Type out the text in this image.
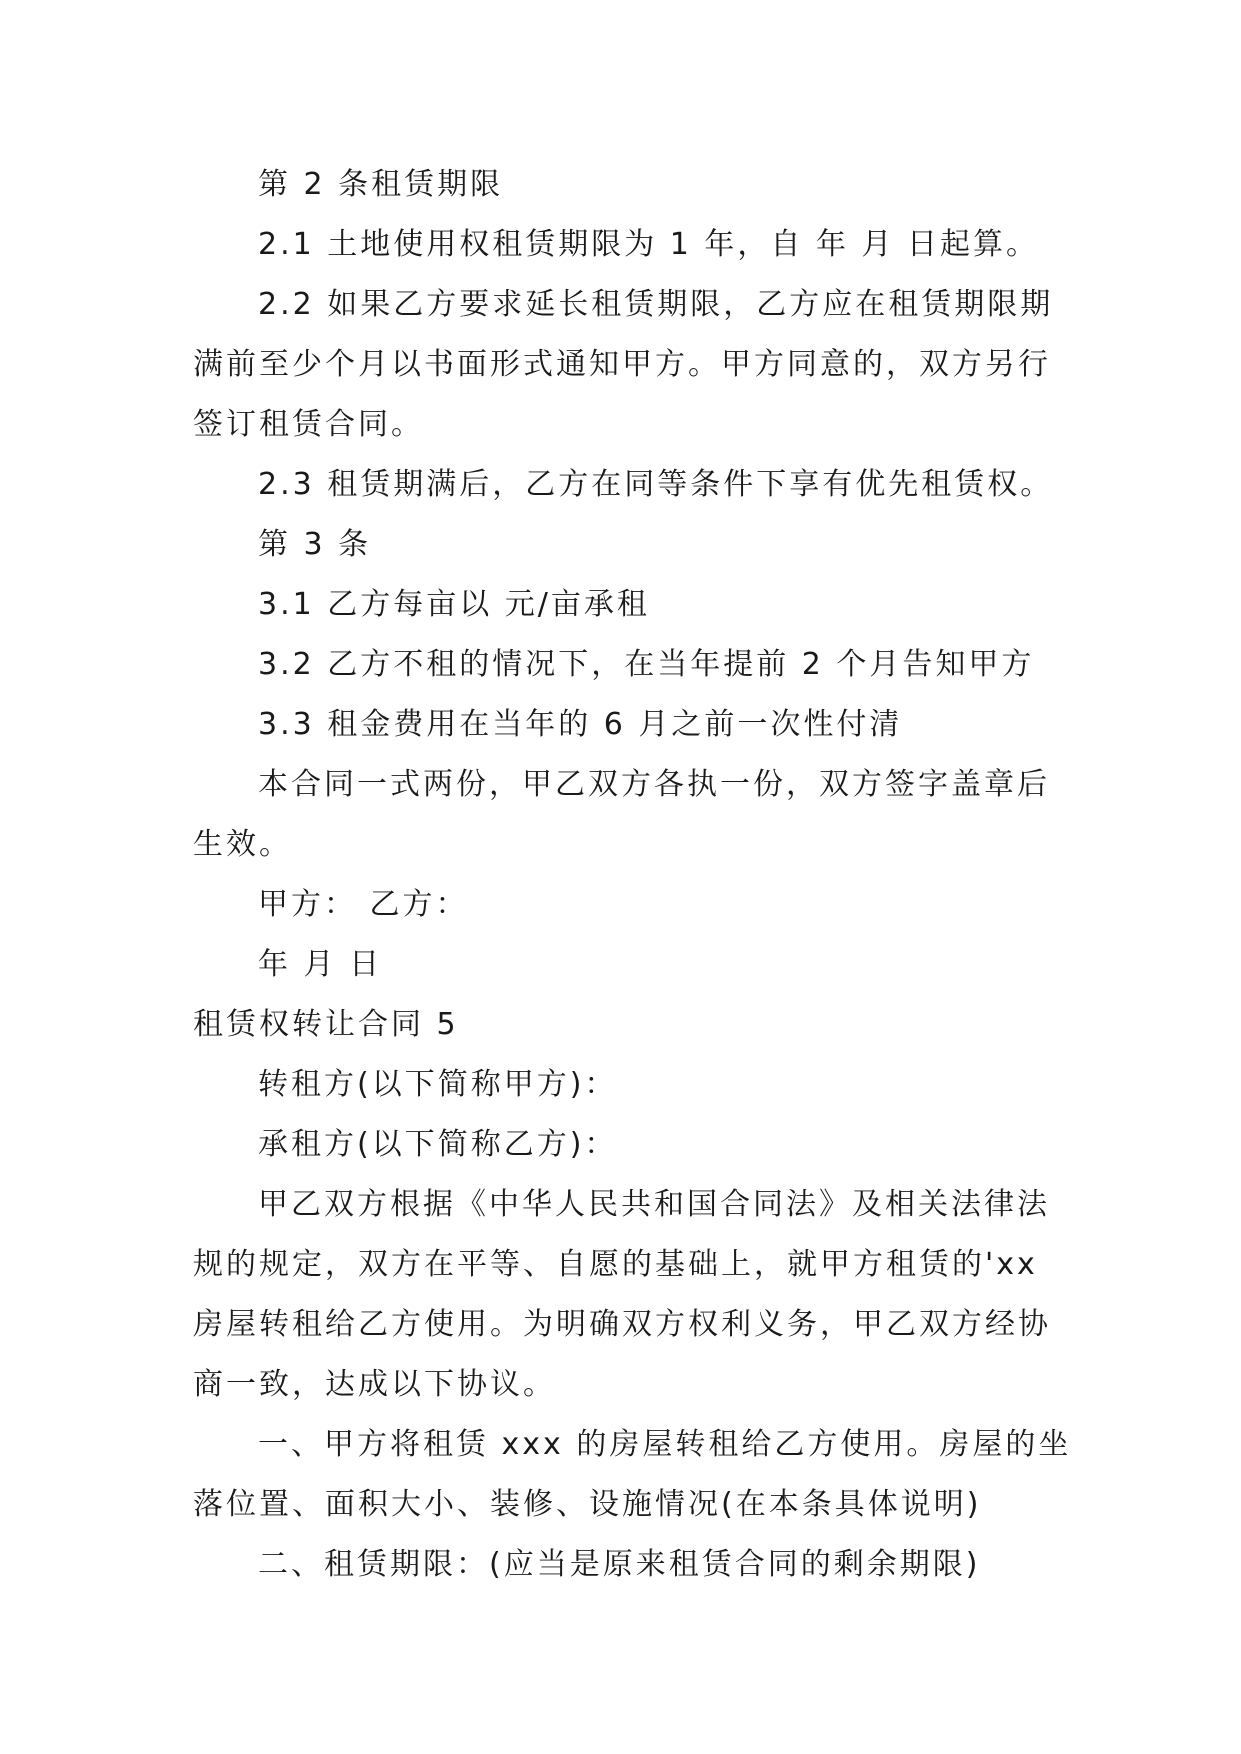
第 2 条租赁期限
2.1 土地使用权租赁期限为 1 年，自 年 月 日起算。
2.2 如果乙方要求延长租赁期限，乙方应在租赁期限期
满前至少个月以书面形式通知甲方。甲方同意的，双方另行
签订租赁合同。
2.3 租赁期满后，乙方在同等条件下享有优先租赁权。
第 3 条
3.1 乙方每亩以 元/亩承租
3.2 乙方不租的情况下，在当年提前 2 个月告知甲方
3.3 租金费用在当年的 6 月之前一次性付清
本合同一式两份，甲乙双方各执一份，双方签字盖章后
生效。
甲方： 乙方：
年 月 日
租赁权转让合同 5
转租方(以下简称甲方)：
承租方(以下简称乙方)：
甲乙双方根据《中华人民共和国合同法》及相关法律法
规的规定，双方在平等、自愿的基础上，就甲方租赁的'xx
房屋转租给乙方使用。为明确双方权利义务，甲乙双方经协
商一致，达成以下协议。
一、甲方将租赁 xxx 的房屋转租给乙方使用。房屋的坐
落位置、面积大小、装修、设施情况(在本条具体说明)
二、租赁期限：(应当是原来租赁合同的剩余期限)
